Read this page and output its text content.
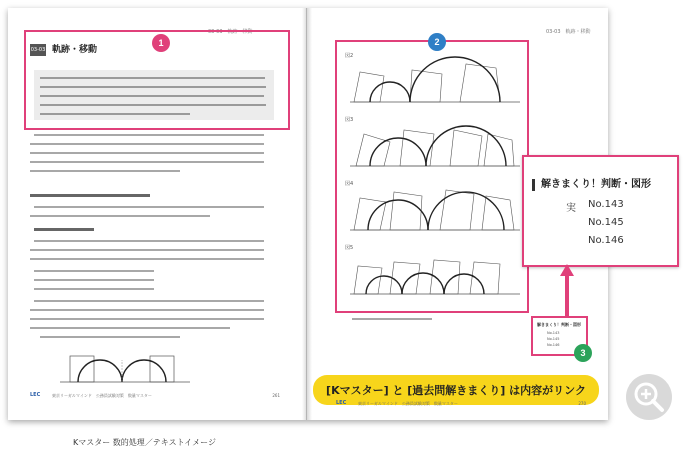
03-03　軌跡・移動	03-03　軌跡・移動
03-03 軌跡・移動
図2
図3
図4
図5
1	2
解きまくり！判断・図形
実 No.143
No.145
No.146
解きまくり！判断・図形
No.143
No.145
No.146
3
LEC	東京リーガルマインド　公務員試験対策　数量マスター	261	[Kマスター] と [過去問解きまくり] は内容がリンク
LEC	東京リーガルマインド　公務員試験対策　数量マスター	270
Kマスター 数的処理／テキストイメージ
